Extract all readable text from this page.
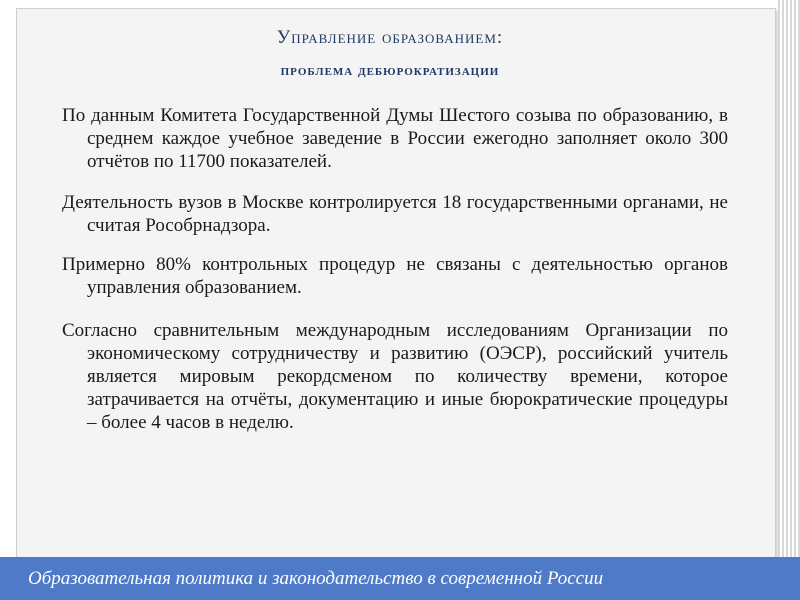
Управление образованием:
проблема дебюрократизации
По данным Комитета Государственной Думы Шестого созыва по образованию, в среднем каждое учебное заведение в России ежегодно заполняет около 300 отчётов по 11700 показателей.
Деятельность вузов в Москве контролируется 18 государственными органами, не считая Рособрнадзора.
Примерно 80% контрольных процедур не связаны с деятельностью органов управления образованием.
Согласно сравнительным международным исследованиям Организации по экономическому сотрудничеству и развитию (ОЭСР), российский учитель является мировым рекордсменом по количеству времени, которое затрачивается на отчёты, документацию и иные бюрократические процедуры – более 4 часов в неделю.
Образовательная политика и законодательство в современной России
